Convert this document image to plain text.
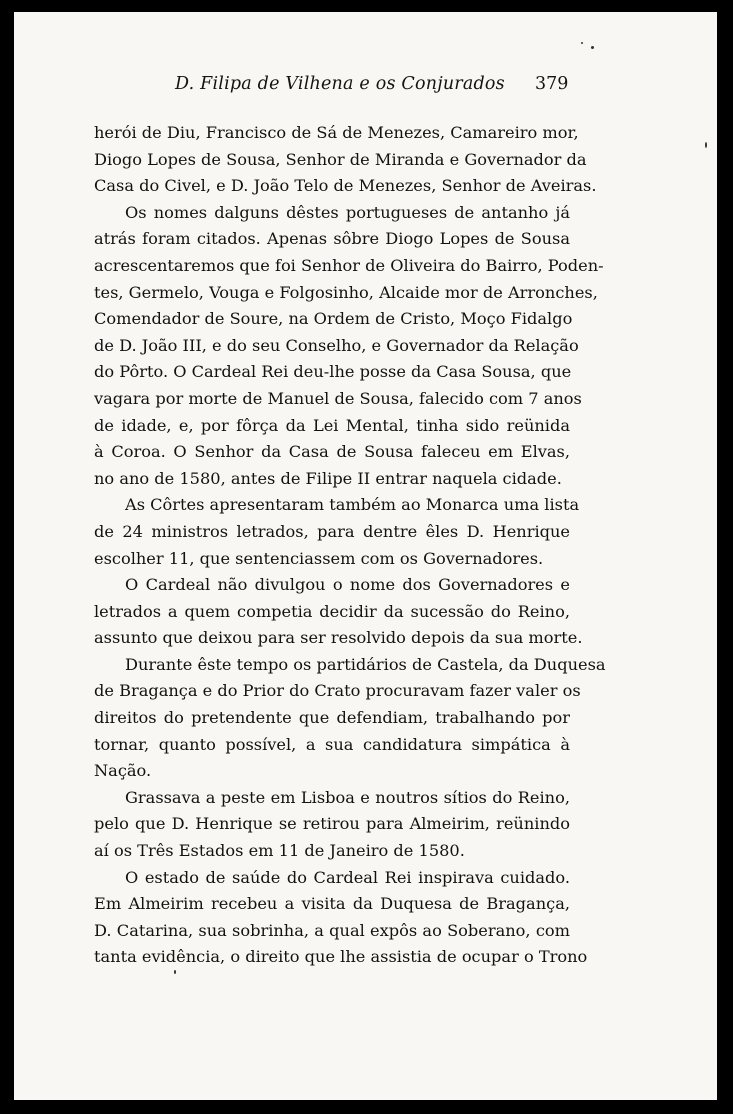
D. Filipa de Vilhena e os Conjurados 379

herói de Diu, Francisco de Sá de Menezes, Camareiro mor,
Diogo Lopes de Sousa, Senhor de Miranda e Governador da
Casa do Civel, e D. João Telo de Menezes, Senhor de Aveiras.

Os nomes dalguns dêstes portugueses de antanho já
atrás foram citados. Apenas sôbre Diogo Lopes de Sousa
acrescentaremos que foi Senhor de Oliveira do Bairro, Poden-
tes, Germelo, Vouga e Folgosinho, Alcaide mor de Arronches,
Comendador de Soure, na Ordem de Cristo, Moço Fidalgo
de D. João III, e do seu Conselho, e Governador da Relação
do Pôrto. O Cardeal Rei deu-lhe posse da Casa Sousa, que
vagara por morte de Manuel de Sousa, falecido com 7 anos
de idade, e, por fôrça da Lei Mental, tinha sido reünida
à Coroa. O Senhor da Casa de Sousa faleceu em Elvas,
no ano de 1580, antes de Filipe II entrar naquela cidade.

As Côrtes apresentaram também ao Monarca uma lista
de 24 ministros letrados, para dentre êles D. Henrique
escolher 11, que sentenciassem com os Governadores.

O Cardeal não divulgou o nome dos Governadores e
letrados a quem competia decidir da sucessão do Reino,
assunto que deixou para ser resolvido depois da sua morte.

Durante êste tempo os partidários de Castela, da Duquesa
de Bragança e do Prior do Crato procuravam fazer valer os
direitos do pretendente que defendiam, trabalhando por
tornar, quanto possível, a sua candidatura simpática à
Nação.

Grassava a peste em Lisboa e noutros sítios do Reino,
pelo que D. Henrique se retirou para Almeirim, reünindo
aí os Três Estados em 11 de Janeiro de 1580.

O estado de saúde do Cardeal Rei inspirava cuidado.
Em Almeirim recebeu a visita da Duquesa de Bragança,
D. Catarina, sua sobrinha, a qual expôs ao Soberano, com
tanta evidência, o direito que lhe assistia de ocupar o Trono
